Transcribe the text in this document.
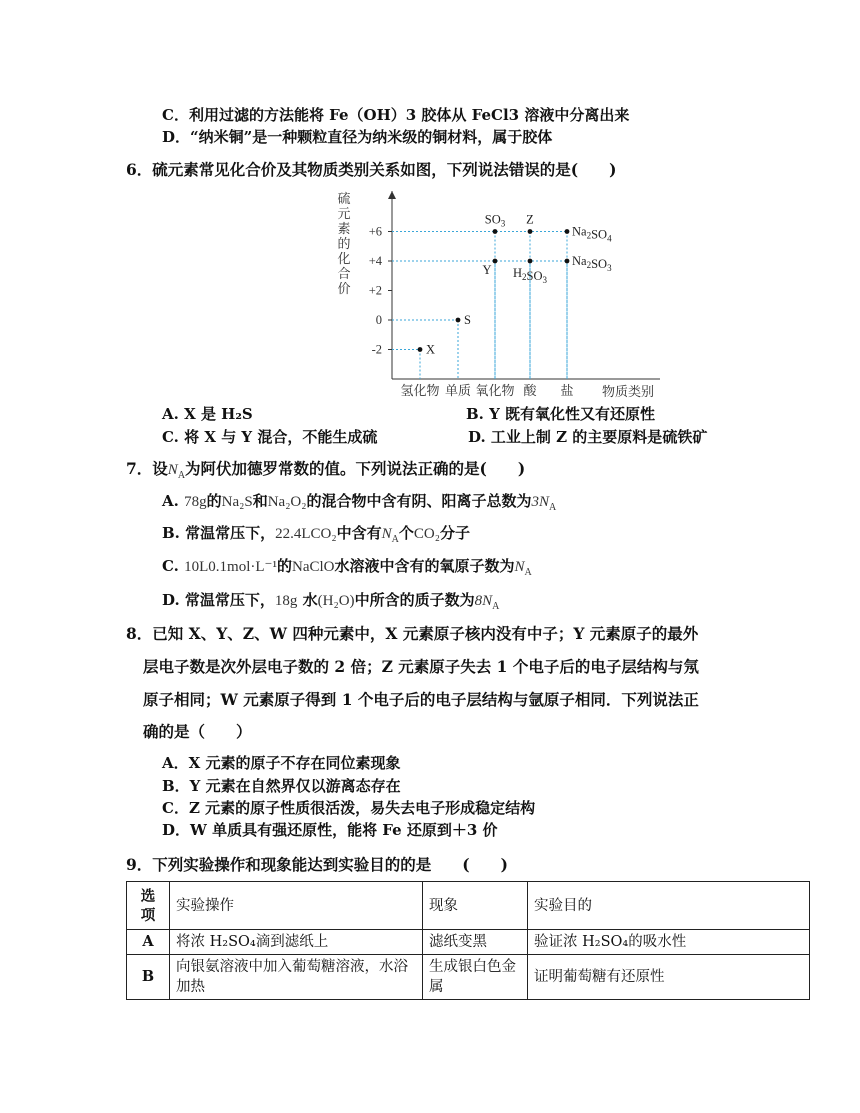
C．利用过滤的方法能将 Fe（OH）3 胶体从 FeCl3 溶液中分离出来
D．“纳米铜”是一种颗粒直径为纳米级的铜材料，属于胶体
6．硫元素常见化合价及其物质类别关系如图，下列说法错误的是(　　)
硫
元
素
的
化
合
价
+6
+4
+2
0
-2	X
S
$SO_3$
Y
Z
$H_2SO_3$
$Na_2SO_4$
$Na_2SO_3$
氢化物 单质 氧化物 酸 盐 物质类别
A. X 是 H₂S	B. Y 既有氧化性又有还原性
C. 将 X 与 Y 混合，不能生成硫	D. 工业上制 Z 的主要原料是硫铁矿
7．设$N_A$为阿伏加德罗常数的值。下列说法正确的是(　　)
A. 78g的Na₂S和Na₂O₂的混合物中含有阴、阳离子总数为$3N_A$
B. 常温常压下，22.4LCO₂中含有$N_A$个CO₂分子
C. 10L0.1mol·L⁻¹的NaClO水溶液中含有的氧原子数为$N_A$
D. 常温常压下，18g 水(H₂O)中所含的质子数为$8N_A$
8．已知 X、Y、Z、W 四种元素中，X 元素原子核内没有中子；Y 元素原子的最外
层电子数是次外层电子数的 2 倍；Z 元素原子失去 1 个电子后的电子层结构与氖
原子相同；W 元素原子得到 1 个电子后的电子层结构与氩原子相同．下列说法正
确的是（　　）
A．X 元素的原子不存在同位素现象
B．Y 元素在自然界仅以游离态存在
C．Z 元素的原子性质很活泼，易失去电子形成稳定结构
D．W 单质具有强还原性，能将 Fe 还原到＋3 价
9．下列实验操作和现象能达到实验目的的是　　(　　)
选
项	实验操作	现象	实验目的
A	将浓 H₂SO₄滴到滤纸上	滤纸变黑	验证浓 H₂SO₄的吸水性
B	向银氨溶液中加入葡萄糖溶液，水浴加热	生成银白色金属	证明葡萄糖有还原性
